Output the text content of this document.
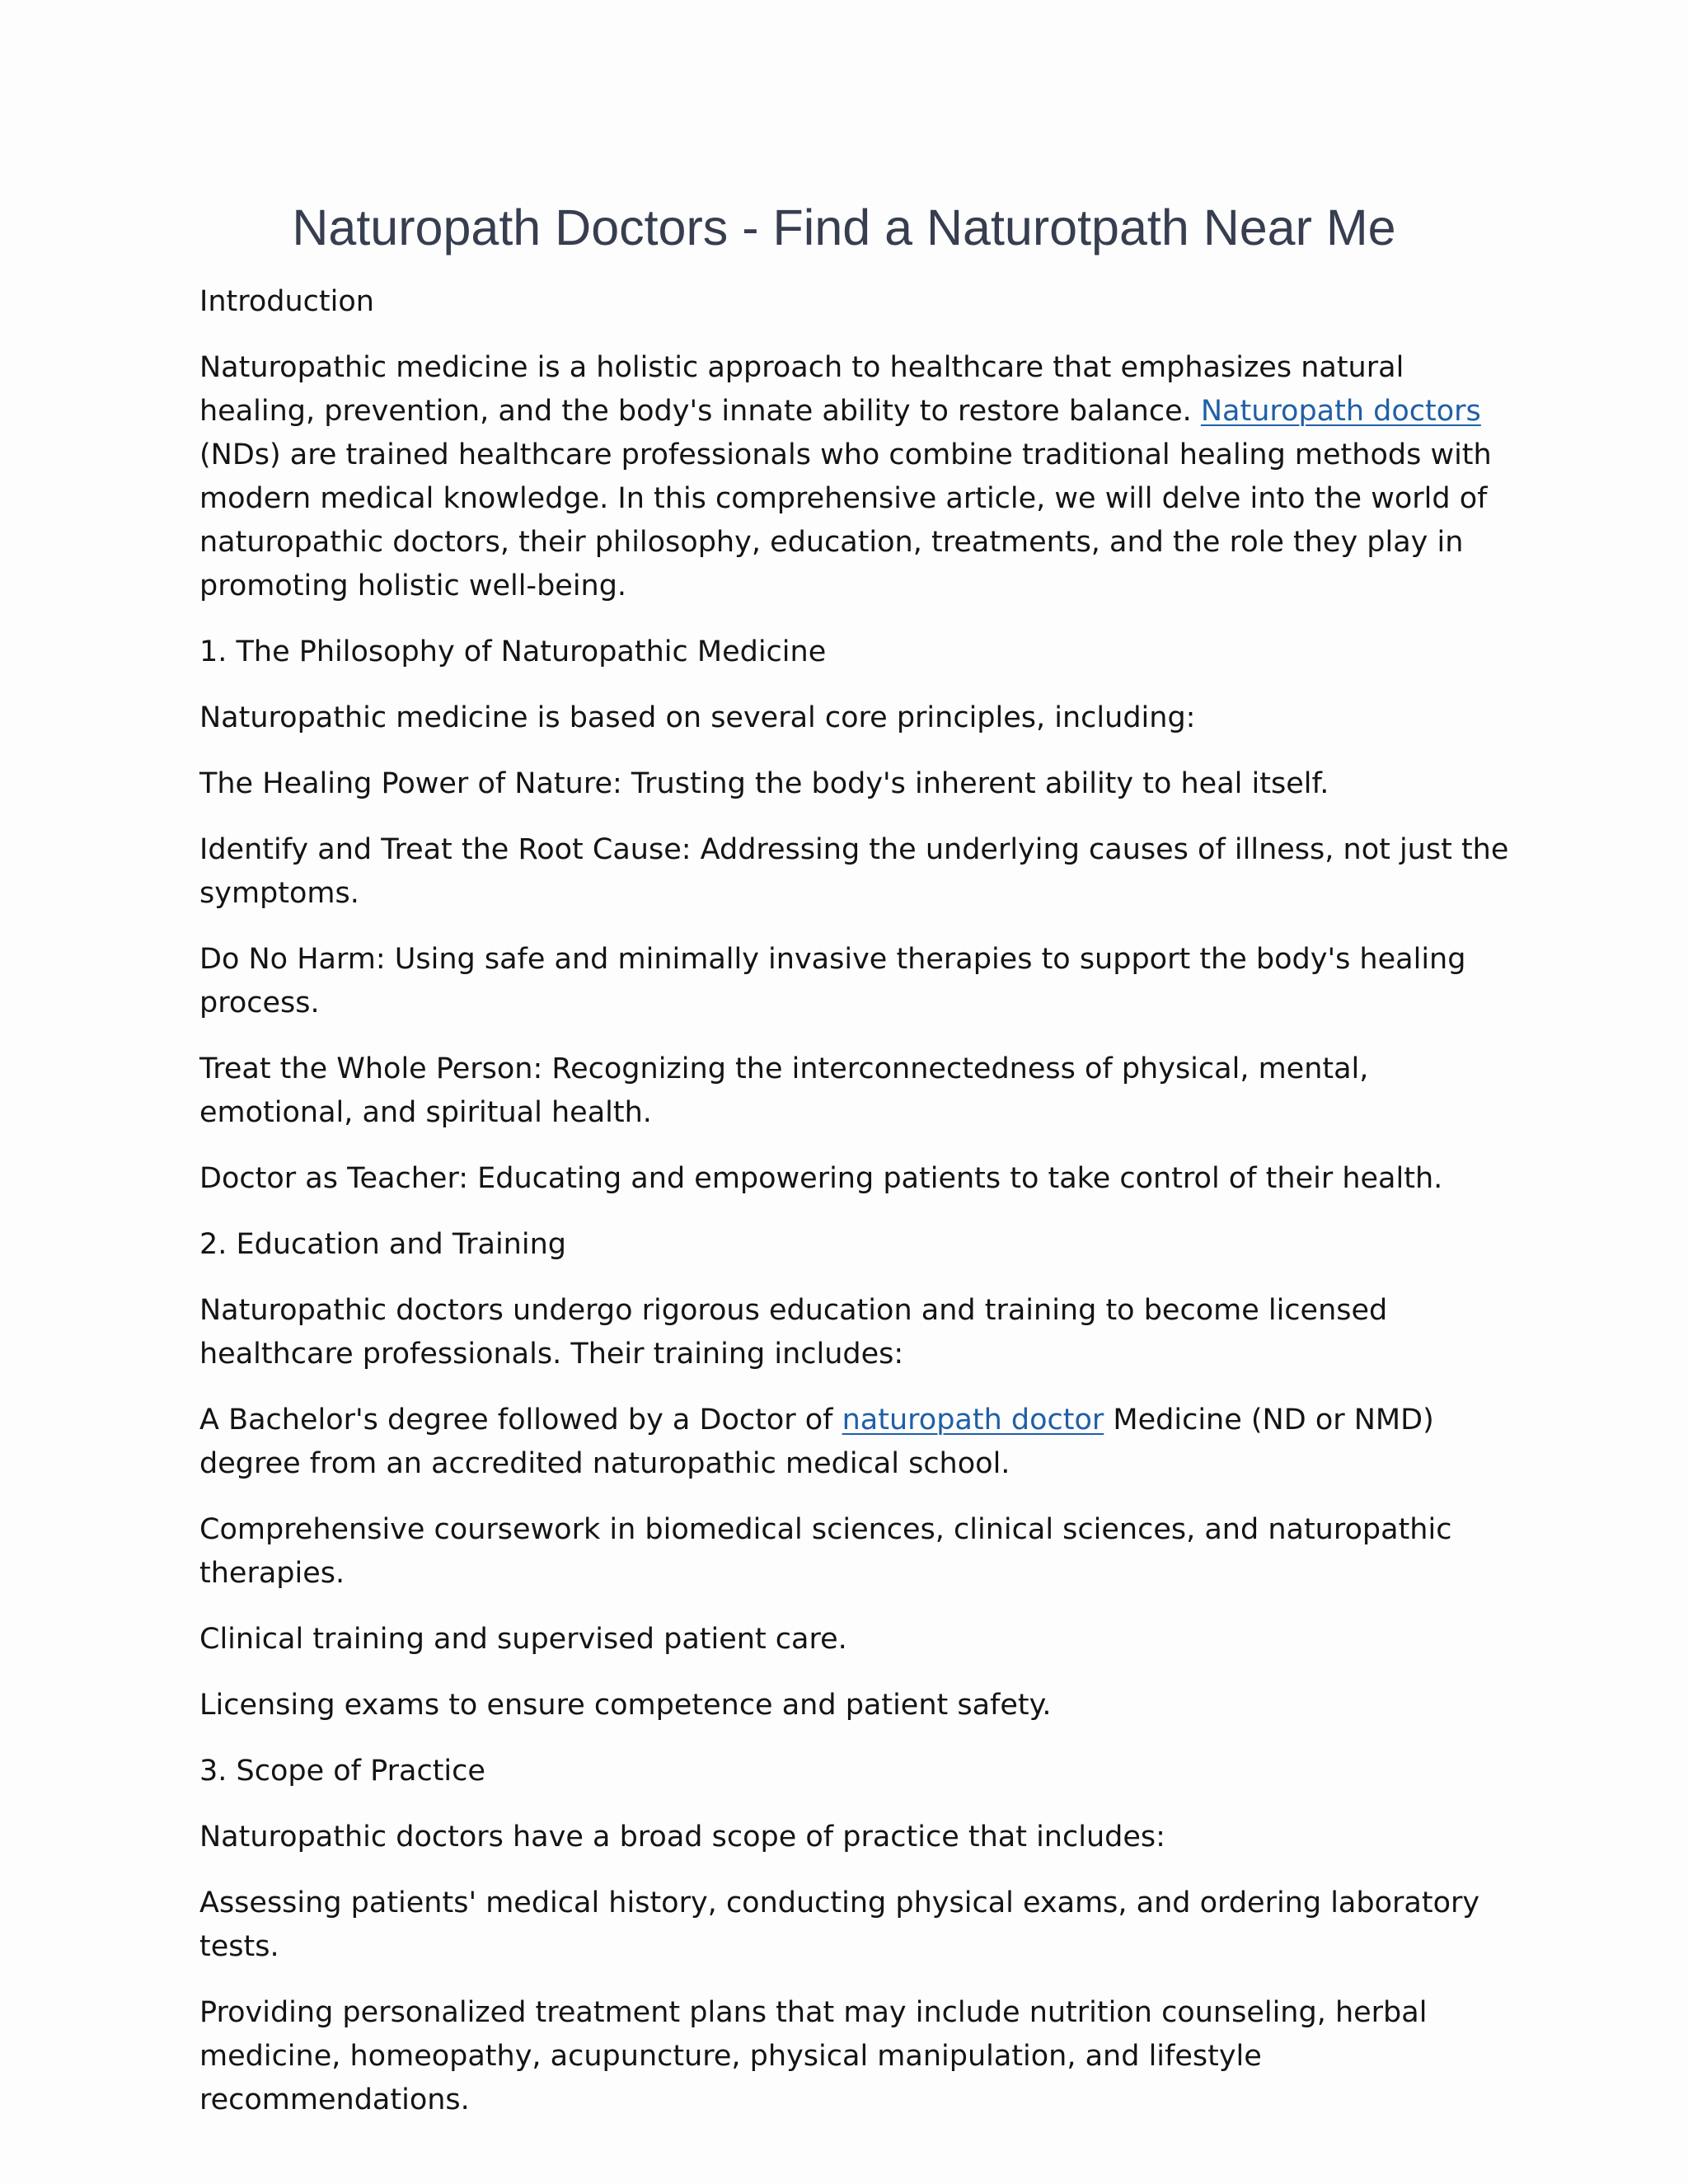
Naturopath Doctors - Find a Naturotpath Near Me

Introduction

Naturopathic medicine is a holistic approach to healthcare that emphasizes natural healing, prevention, and the body's innate ability to restore balance. Naturopath doctors (NDs) are trained healthcare professionals who combine traditional healing methods with modern medical knowledge. In this comprehensive article, we will delve into the world of naturopathic doctors, their philosophy, education, treatments, and the role they play in promoting holistic well-being.

1. The Philosophy of Naturopathic Medicine

Naturopathic medicine is based on several core principles, including:

The Healing Power of Nature: Trusting the body's inherent ability to heal itself.

Identify and Treat the Root Cause: Addressing the underlying causes of illness, not just the symptoms.

Do No Harm: Using safe and minimally invasive therapies to support the body's healing process.

Treat the Whole Person: Recognizing the interconnectedness of physical, mental, emotional, and spiritual health.

Doctor as Teacher: Educating and empowering patients to take control of their health.

2. Education and Training

Naturopathic doctors undergo rigorous education and training to become licensed healthcare professionals. Their training includes:

A Bachelor's degree followed by a Doctor of naturopath doctor Medicine (ND or NMD) degree from an accredited naturopathic medical school.

Comprehensive coursework in biomedical sciences, clinical sciences, and naturopathic therapies.

Clinical training and supervised patient care.

Licensing exams to ensure competence and patient safety.

3. Scope of Practice

Naturopathic doctors have a broad scope of practice that includes:

Assessing patients' medical history, conducting physical exams, and ordering laboratory tests.

Providing personalized treatment plans that may include nutrition counseling, herbal medicine, homeopathy, acupuncture, physical manipulation, and lifestyle recommendations.
